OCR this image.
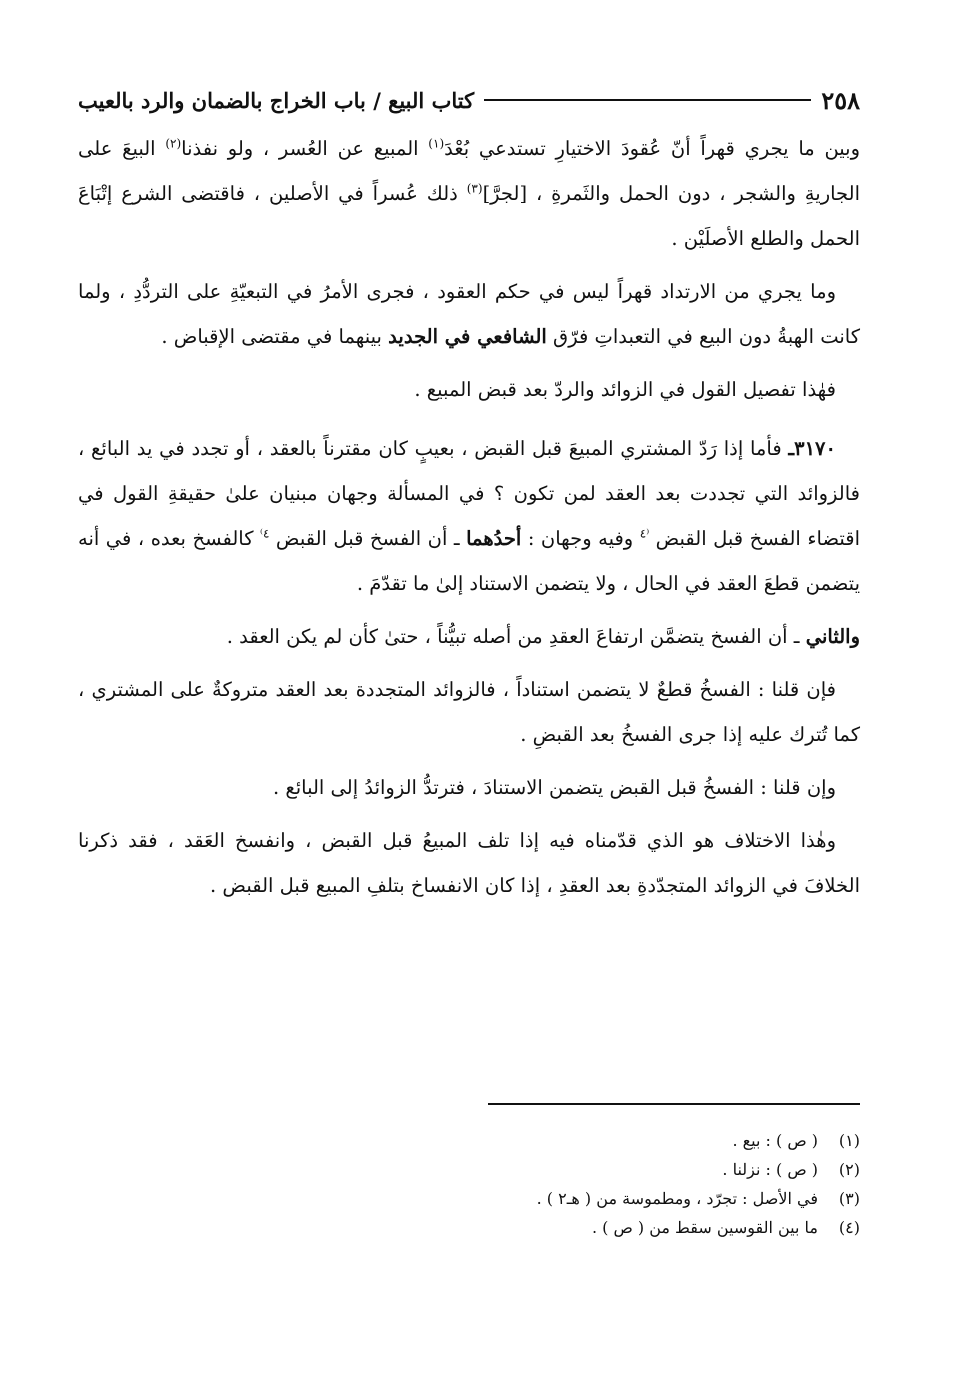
٢٥٨
كتاب البيع / باب الخراج بالضمان والرد بالعيب

وبين ما يجري قهراً أنّ عُقودَ الاختيارِ تستدعي بُعْدَ$^{(١)}$ المبيع عن العُسر ، ولو نفذنا$^{(٢)}$ البيعَ على الجاريةِ والشجر ، دون الحمل والثَمرةِ ، [لجرَّ]$^{(٣)}$ ذلك عُسراً في الأصلين ، فاقتضى الشرع إتْبَاعَ الحمل والطلع الأصلَيْن .

وما يجري من الارتداد قهراً ليس في حكم العقود ، فجرى الأمرُ في التبعيّةِ على التردُّدِ ، ولما كانت الهبةُ دون البيع في التعبداتِ فرّق الشافعي في الجديد بينهما في مقتضى الإقباض .

فهٰذا تفصيل القول في الزوائد والردّ بعد قبض المبيع .

٣١٧٠ـ فأما إذا رَدّ المشتري المبيعَ قبل القبض ، بعيبٍ كان مقترناً بالعقد ، أو تجدد في يد البائع ، فالزوائد التي تجددت بعد العقد لمن تكون ؟ في المسألة وجهان مبنيان علىٰ حقيقةِ القول في اقتضاء الفسخ قبل القبض $^{^(٤}$ وفيه وجهان : أحدُهما ـ أن الفسخ قبل القبض $^{٤^)}$ كالفسخ بعده ، في أنه يتضمن قطعَ العقد في الحال ، ولا يتضمن الاستناد إلىٰ ما تقدّمَ .

والثاني ـ أن الفسخ يتضمَّن ارتفاعَ العقدِ من أصله تبيُّناً ، حتىٰ كأن لم يكن العقد .

فإن قلنا : الفسخُ قطعٌ لا يتضمن استناداً ، فالزوائد المتجددة بعد العقد متروكةٌ على المشتري ، كما تُترك عليه إذا جرى الفسخُ بعد القبضِ .

وإن قلنا : الفسخُ قبل القبض يتضمن الاستنادَ ، فترتدُّ الزوائدُ إلى البائع .

وهٰذا الاختلاف هو الذي قدّمناه فيه إذا تلف المبيعُ قبل القبض ، وانفسخ العَقد ، فقد ذكرنا الخلافَ في الزوائد المتجدّدةِ بعد العقدِ ، إذا كان الانفساخ بتلفِ المبيع قبل القبض .

(١)
( ص ) : بيع .
(٢)
( ص ) : نزلنا .
(٣)
في الأصل : تجرّد ، ومطموسة من ( هـ٢ ) .
(٤)
ما بين القوسين سقط من ( ص ) .
